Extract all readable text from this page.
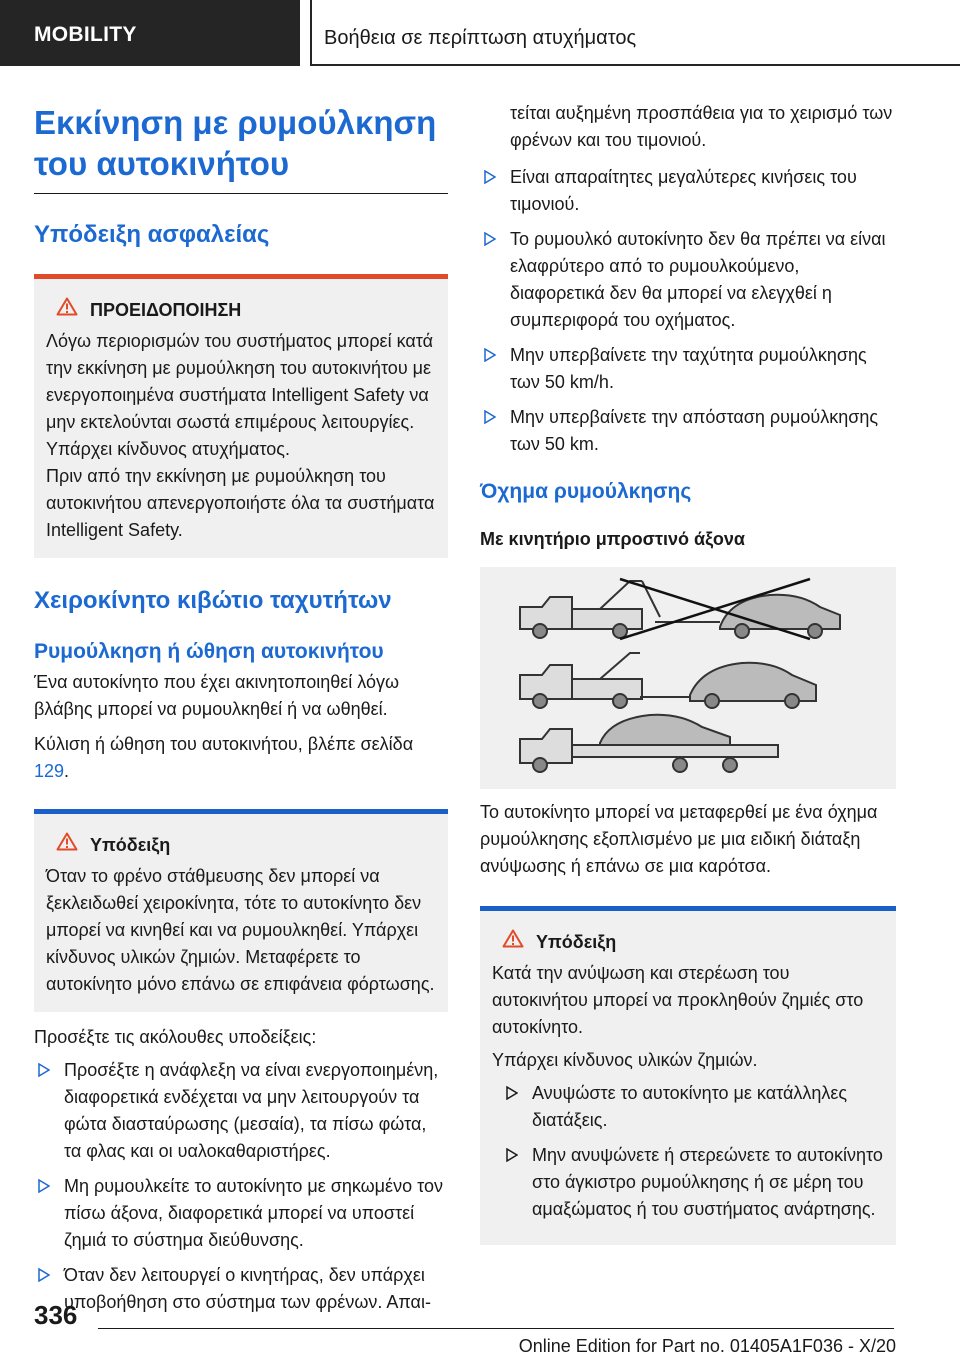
MOBILITY	Βοήθεια σε περίπτωση ατυχήματος
Εκκίνηση με ρυμούλκηση του αυτοκινήτου
Υπόδειξη ασφαλείας
ΠΡΟΕΙΔΟΠΟΙΗΣΗ

Λόγω περιορισμών του συστήματος μπορεί κατά την εκκίνηση με ρυμούλκηση του αυτοκινήτου με ενεργοποιημένα συστήματα Intelligent Safety να μην εκτελούνται σωστά επιμέρους λειτουργίες. Υπάρχει κίνδυνος ατυχήματος.

Πριν από την εκκίνηση με ρυμούλκηση του αυτοκινήτου απενεργοποιήστε όλα τα συστήματα Intelligent Safety.

Χειροκίνητο κιβώτιο ταχυτήτων
Ρυμούλκηση ή ώθηση αυτοκινήτου

Ένα αυτοκίνητο που έχει ακινητοποιηθεί λόγω βλάβης μπορεί να ρυμουλκηθεί ή να ωθηθεί.

Κύλιση ή ώθηση του αυτοκινήτου, βλέπε σελίδα 129.

Υπόδειξη

Όταν το φρένο στάθμευσης δεν μπορεί να ξεκλειδωθεί χειροκίνητα, τότε το αυτοκίνητο δεν μπορεί να κινηθεί και να ρυμουλκηθεί. Υπάρχει κίνδυνος υλικών ζημιών. Μεταφέρετε το αυτοκίνητο μόνο επάνω σε επιφάνεια φόρτωσης.

Προσέξτε τις ακόλουθες υποδείξεις:

Προσέξτε η ανάφλεξη να είναι ενεργοποιημένη, διαφορετικά ενδέχεται να μην λειτουργούν τα φώτα διασταύρωσης (μεσαία), τα πίσω φώτα, τα φλας και οι υαλοκαθαριστήρες.
Μη ρυμουλκείτε το αυτοκίνητο με σηκωμένο τον πίσω άξονα, διαφορετικά μπορεί να υποστεί ζημιά το σύστημα διεύθυνσης.
Όταν δεν λειτουργεί ο κινητήρας, δεν υπάρχει υποβοήθηση στο σύστημα των φρένων. Απαι-

τείται αυξημένη προσπάθεια για το χειρισμό των φρένων και του τιμονιού.

Είναι απαραίτητες μεγαλύτερες κινήσεις του τιμονιού.
Το ρυμουλκό αυτοκίνητο δεν θα πρέπει να είναι ελαφρύτερο από το ρυμουλκούμενο, διαφορετικά δεν θα μπορεί να ελεγχθεί η συμπεριφορά του οχήματος.
Μην υπερβαίνετε την ταχύτητα ρυμούλκησης των 50 km/h.
Μην υπερβαίνετε την απόσταση ρυμούλκησης των 50 km.
Όχημα ρυμούλκησης
Με κινητήριο μπροστινό άξονα

Το αυτοκίνητο μπορεί να μεταφερθεί με ένα όχημα ρυμούλκησης εξοπλισμένο με μια ειδική διάταξη ανύψωσης ή επάνω σε μια καρότσα.

Υπόδειξη

Κατά την ανύψωση και στερέωση του αυτοκινήτου μπορεί να προκληθούν ζημιές στο αυτοκίνητο.

Υπάρχει κίνδυνος υλικών ζημιών.

Ανυψώστε το αυτοκίνητο με κατάλληλες διατάξεις.
Μην ανυψώνετε ή στερεώνετε το αυτοκίνητο στο άγκιστρο ρυμούλκησης ή σε μέρη του αμαξώματος ή του συστήματος ανάρτησης.
336
Online Edition for Part no. 01405A1F036 - X/20
